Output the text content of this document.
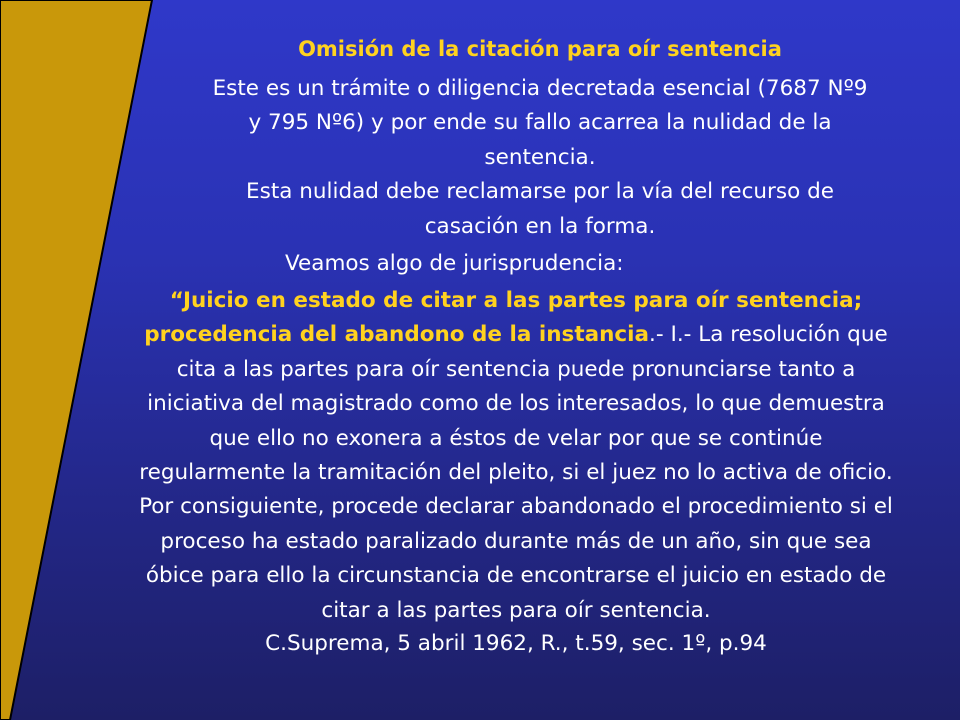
Omisión de la citación para oír sentencia
Este es un trámite o diligencia decretada esencial (7687 Nº9
y 795 Nº6) y por ende su fallo acarrea la nulidad de la
sentencia.
Esta nulidad debe reclamarse por la vía del recurso de
casación en la forma.
Veamos algo de jurisprudencia:
“Juicio en estado de citar a las partes para oír sentencia;
procedencia del abandono de la instancia.- I.- La resolución que
cita a las partes para oír sentencia puede pronunciarse tanto a
iniciativa del magistrado como de los interesados, lo que demuestra
que ello no exonera a éstos de velar por que se continúe
regularmente la tramitación del pleito, si el juez no lo activa de oficio.
Por consiguiente, procede declarar abandonado el procedimiento si el
proceso ha estado paralizado durante más de un año, sin que sea
óbice para ello la circunstancia de encontrarse el juicio en estado de
citar a las partes para oír sentencia.
C.Suprema, 5 abril 1962, R., t.59, sec. 1º, p.94
